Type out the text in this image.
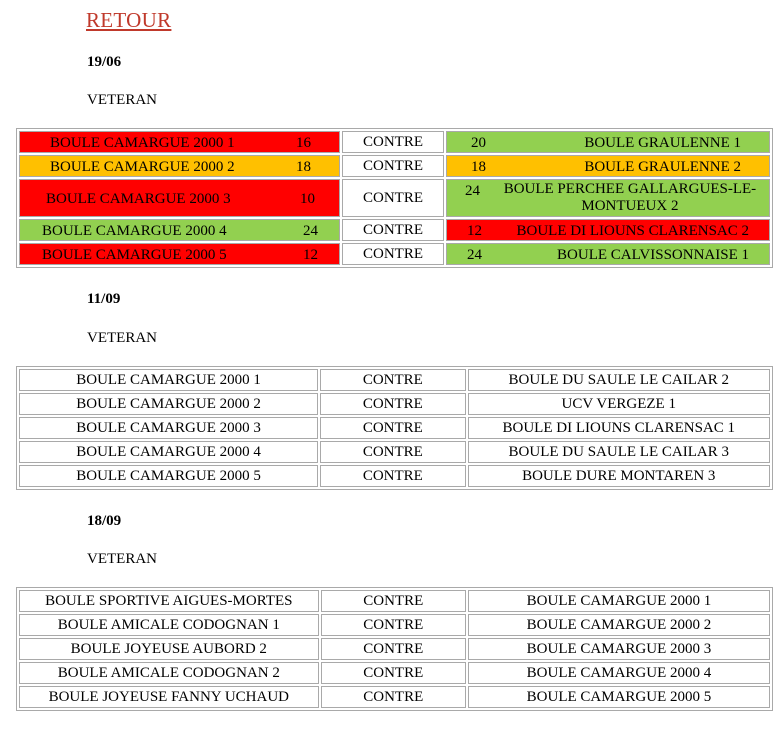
RETOUR
19/06
VETERAN
BOULE CAMARGUE 2000 1 16	CONTRE	20 BOULE GRAULENNE 1

BOULE CAMARGUE 2000 2 18	CONTRE	18 BOULE GRAULENNE 2

BOULE CAMARGUE 2000 3 10	CONTRE	24 BOULE PERCHEE GALLARGUES-LE-MONTUEUX 2

BOULE CAMARGUE 2000 4 24	CONTRE	12 BOULE DI LIOUNS CLARENSAC 2

BOULE CAMARGUE 2000 5 12	CONTRE	24 BOULE CALVISSONNAISE 1
11/09
VETERAN
BOULE CAMARGUE 2000 1	CONTRE	BOULE DU SAULE LE CAILAR 2
BOULE CAMARGUE 2000 2	CONTRE	UCV VERGEZE 1
BOULE CAMARGUE 2000 3	CONTRE	BOULE DI LIOUNS CLARENSAC 1
BOULE CAMARGUE 2000 4	CONTRE	BOULE DU SAULE LE CAILAR 3
BOULE CAMARGUE 2000 5	CONTRE	BOULE DURE MONTAREN 3
18/09
VETERAN
BOULE SPORTIVE AIGUES-MORTES	CONTRE	BOULE CAMARGUE 2000 1
BOULE AMICALE CODOGNAN 1	CONTRE	BOULE CAMARGUE 2000 2
BOULE JOYEUSE AUBORD 2	CONTRE	BOULE CAMARGUE 2000 3
BOULE AMICALE CODOGNAN 2	CONTRE	BOULE CAMARGUE 2000 4
BOULE JOYEUSE FANNY UCHAUD	CONTRE	BOULE CAMARGUE 2000 5
